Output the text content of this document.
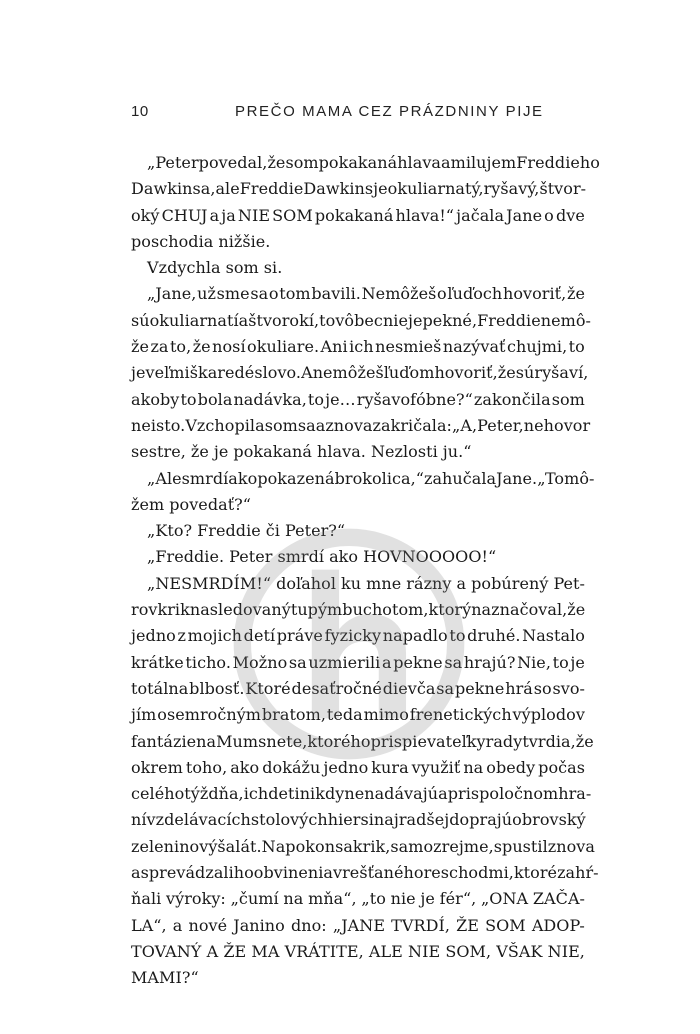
10	PREČO MAMA CEZ PRÁZDNINY PIJE
„Peter povedal, že som pokakaná hlava a milujem Freddieho
Dawkinsa, ale Freddie Dawkins je okuliarnatý, ryšavý, štvor-
oký CHUJ a ja NIE SOM pokakaná hlava!“ jačala Jane o dve
poschodia nižšie.
Vzdychla som si.
„Jane, už sme sa o tom bavili. Nemôžeš o ľuďoch hovoriť, že
sú okuliarnatí a štvorokí, to vôbec nie je pekné, Freddie nemô-
že za to, že nosí okuliare. Ani ich nesmieš nazývať chujmi, to
je veľmi škaredé slovo. A nemôžeš ľuďom hovoriť, že sú ryšaví,
akoby to bola nadávka, to je… ryšavofóbne?“ zakončila som
neisto. Vzchopila som sa a znova zakričala: „A, Peter, nehovor
sestre, že je pokakaná hlava. Nezlosti ju.“
„Ale smrdí ako pokazená brokolica,“ zahučala Jane. „To mô-
žem povedať?“
„Kto? Freddie či Peter?“
„Freddie. Peter smrdí ako HOVNOOOOO!“
„NESMRDÍM!“ doľahol ku mne rázny a pobúrený Pet-
rov krik nasledovaný tupým buchotom, ktorý naznačoval, že
jedno z mojich detí práve fyzicky napadlo to druhé. Nastalo
krátke ticho. Možno sa uzmierili a pekne sa hrajú? Nie, to je
totálna blbosť. Ktoré desaťročné dievča sa pekne hrá so svo-
jím osemročným bratom, teda mimo frenetických výplodov
fantázie na Mumsnete, ktorého prispievateľky rady tvrdia, že
okrem toho, ako dokážu jedno kura využiť na obedy počas
celého týždňa, ich deti nikdy nenadávajú a pri spoločnom hra-
ní vzdelávacích stolových hier si najradšej doprajú obrovský
zeleninový šalát. Napokon sa krik, samozrejme, spustil znova
a sprevádzali ho obvinenia vrešťané hore schodmi, ktoré zahŕ-
ňali výroky: „čumí na mňa“, „to nie je fér“, „ONA ZAČA-
LA“, a nové Janino dno: „JANE TVRDÍ, ŽE SOM ADOP-
TOVANÝ A ŽE MA VRÁTITE, ALE NIE SOM, VŠAK NIE,
MAMI?“
